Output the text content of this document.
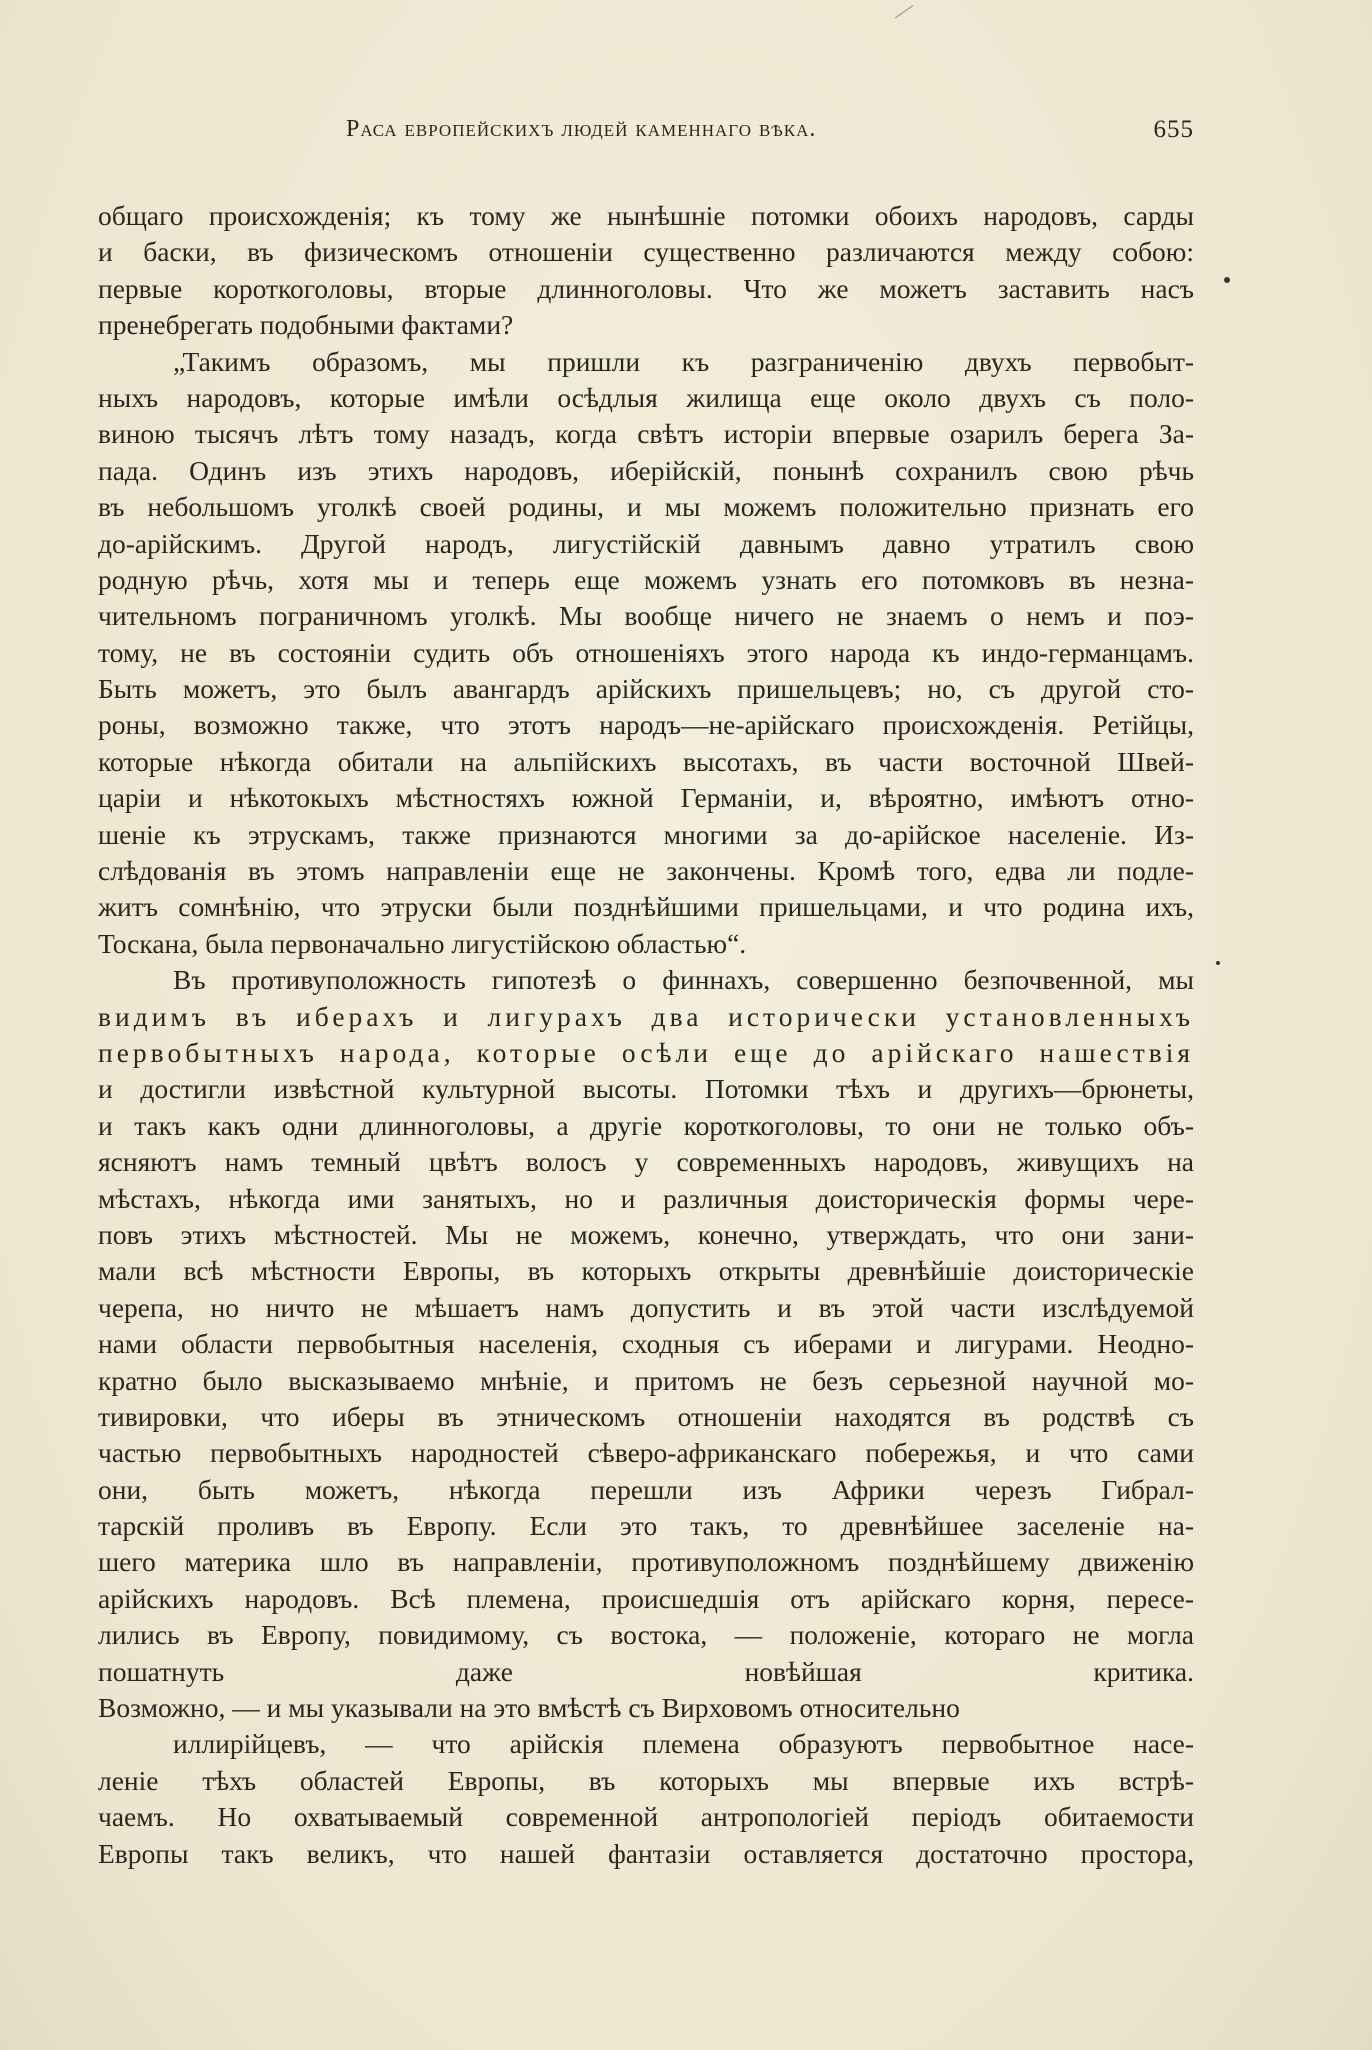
Раса европейскихъ людей каменнаго вѣка.	655
общаго происхожденія; къ тому же нынѣшніе потомки обоихъ народовъ, сарды
и баски, въ физическомъ отношеніи существенно различаются между собою:
первые короткоголовы, вторые длинноголовы. Что же можетъ заставить насъ
пренебрегать подобными фактами?
„Такимъ образомъ, мы пришли къ разграниченію двухъ первобыт-
ныхъ народовъ, которые имѣли осѣдлыя жилища еще около двухъ съ поло-
виною тысячъ лѣтъ тому назадъ, когда свѣтъ исторіи впервые озарилъ берега За-
пада. Одинъ изъ этихъ народовъ, иберійскій, понынѣ сохранилъ свою рѣчь
въ небольшомъ уголкѣ своей родины, и мы можемъ положительно признать его
до-арійскимъ. Другой народъ, лигустійскій давнымъ давно утратилъ свою
родную рѣчь, хотя мы и теперь еще можемъ узнать его потомковъ въ незна-
чительномъ пограничномъ уголкѣ. Мы вообще ничего не знаемъ о немъ и поэ-
тому, не въ состояніи судить объ отношеніяхъ этого народа къ индо-германцамъ.
Быть можетъ, это былъ авангардъ арійскихъ пришельцевъ; но, съ другой сто-
роны, возможно также, что этотъ народъ—не-арійскаго происхожденія. Ретійцы,
которые нѣкогда обитали на альпійскихъ высотахъ, въ части восточной Швей-
царіи и нѣкотокыхъ мѣстностяхъ южной Германіи, и, вѣроятно, имѣютъ отно-
шеніе къ этрускамъ, также признаются многими за до-арійское населеніе. Из-
слѣдованія въ этомъ направленіи еще не закончены. Кромѣ того, едва ли подле-
житъ сомнѣнію, что этруски были позднѣйшими пришельцами, и что родина ихъ,
Тоскана, была первоначально лигустійскою областью“.
Въ противуположность гипотезѣ о финнахъ, совершенно безпочвенной, мы
видимъ въ иберахъ и лигурахъ два исторически установленныхъ
первобытныхъ народа, которые осѣли еще до арійскаго нашествія
и достигли извѣстной культурной высоты. Потомки тѣхъ и другихъ—брюнеты,
и такъ какъ одни длинноголовы, а другіе короткоголовы, то они не только объ-
ясняютъ намъ темный цвѣтъ волосъ у современныхъ народовъ, живущихъ на
мѣстахъ, нѣкогда ими занятыхъ, но и различныя доисторическія формы чере-
повъ этихъ мѣстностей. Мы не можемъ, конечно, утверждать, что они зани-
мали всѣ мѣстности Европы, въ которыхъ открыты древнѣйшіе доисторическіе
черепа, но ничто не мѣшаетъ намъ допустить и въ этой части изслѣдуемой
нами области первобытныя населенія, сходныя съ иберами и лигурами. Неодно-
кратно было высказываемо мнѣніе, и притомъ не безъ серьезной научной мо-
тивировки, что иберы въ этническомъ отношеніи находятся въ родствѣ съ
частью первобытныхъ народностей сѣверо-африканскаго побережья, и что сами
они, быть можетъ, нѣкогда перешли изъ Африки черезъ Гибрал-
тарскій проливъ въ Европу. Если это такъ, то древнѣйшее заселеніе на-
шего материка шло въ направленіи, противуположномъ позднѣйшему движенію
арійскихъ народовъ. Всѣ племена, происшедшія отъ арійскаго корня, пересе-
лились въ Европу, повидимому, съ востока, — положеніе, котораго не могла
пошатнуть даже новѣйшая критика.
Возможно, — и мы указывали на это вмѣстѣ съ Вирховомъ относительно
иллирійцевъ, — что арійскія племена образуютъ первобытное насе-
леніе тѣхъ областей Европы, въ которыхъ мы впервые ихъ встрѣ-
чаемъ. Но охватываемый современной антропологіей періодъ обитаемости
Европы такъ великъ, что нашей фантазіи оставляется достаточно простора,
